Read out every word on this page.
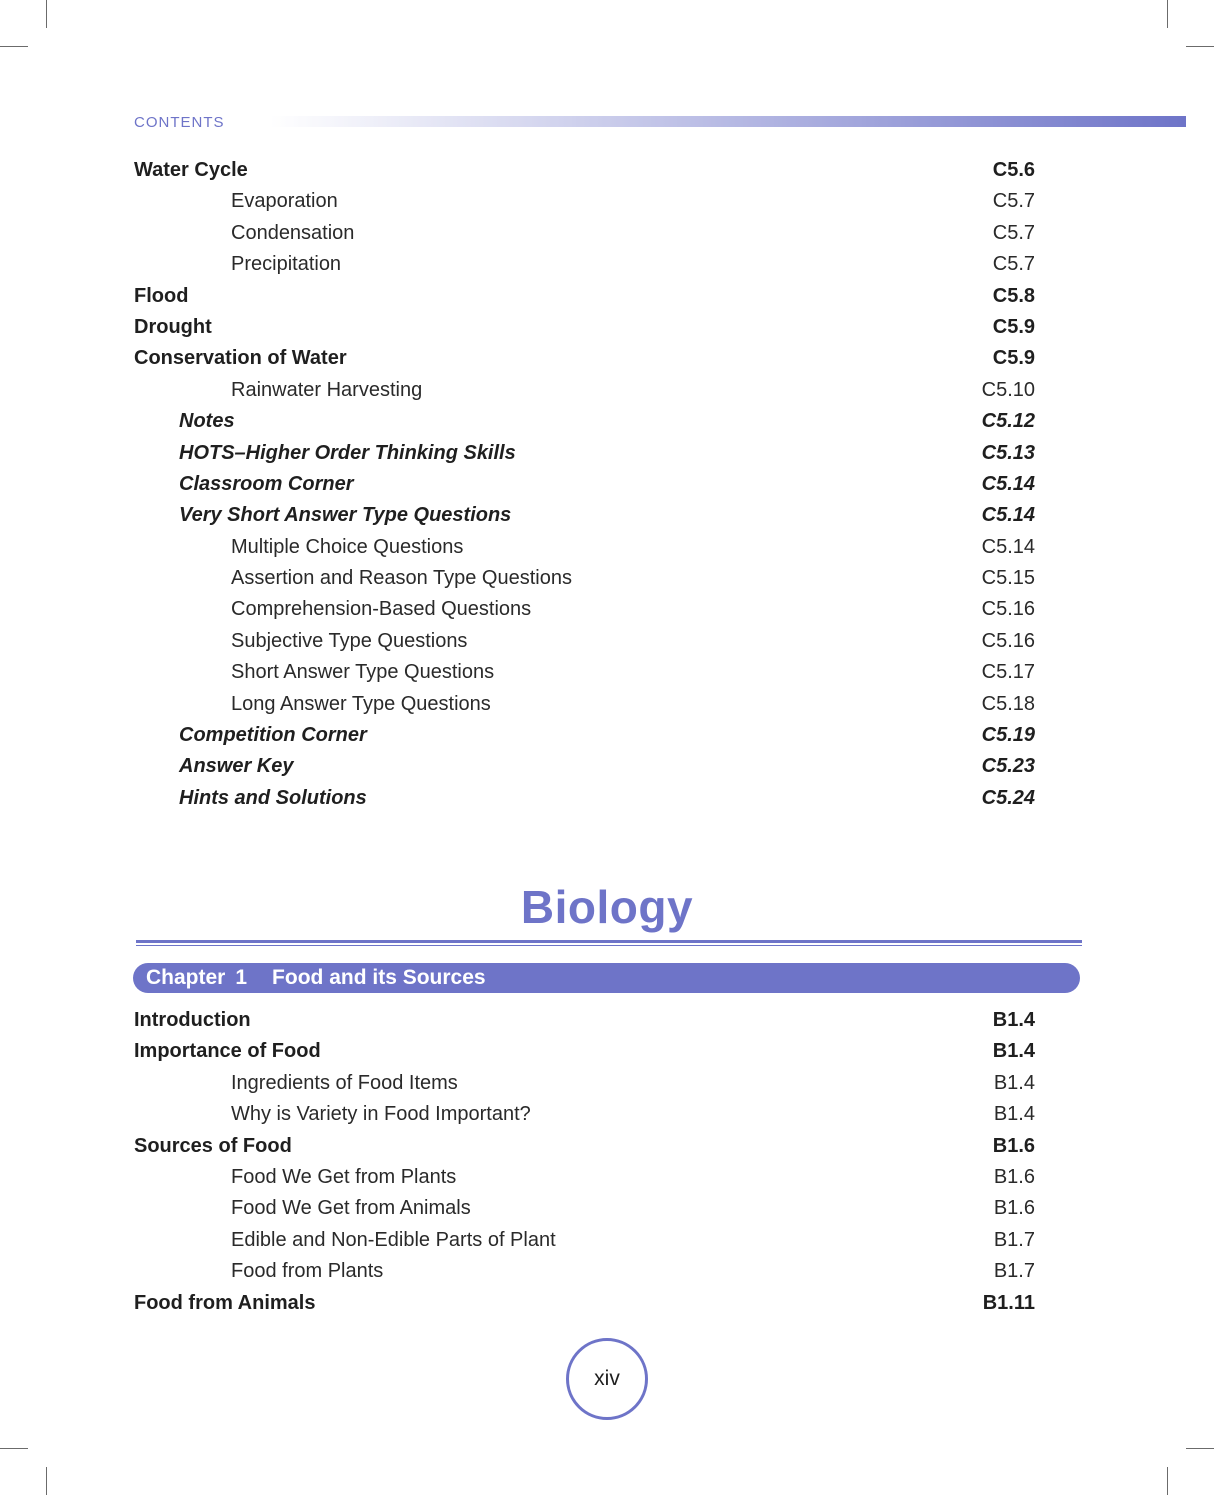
CONTENTS
Water Cycle	C5.6
Evaporation	C5.7
Condensation	C5.7
Precipitation	C5.7
Flood	C5.8
Drought	C5.9
Conservation of Water	C5.9
Rainwater Harvesting	C5.10
Notes	C5.12
HOTS–Higher Order Thinking Skills	C5.13
Classroom Corner	C5.14
Very Short Answer Type Questions	C5.14
Multiple Choice Questions	C5.14
Assertion and Reason Type Questions	C5.15
Comprehension-Based Questions	C5.16
Subjective Type Questions	C5.16
Short Answer Type Questions	C5.17
Long Answer Type Questions	C5.18
Competition Corner	C5.19
Answer Key	C5.23
Hints and Solutions	C5.24
Biology
Chapter 1	Food and its Sources
Introduction	B1.4
Importance of Food	B1.4
Ingredients of Food Items	B1.4
Why is Variety in Food Important?	B1.4
Sources of Food	B1.6
Food We Get from Plants	B1.6
Food We Get from Animals	B1.6
Edible and Non-Edible Parts of Plant	B1.7
Food from Plants	B1.7
Food from Animals	B1.11
xiv
